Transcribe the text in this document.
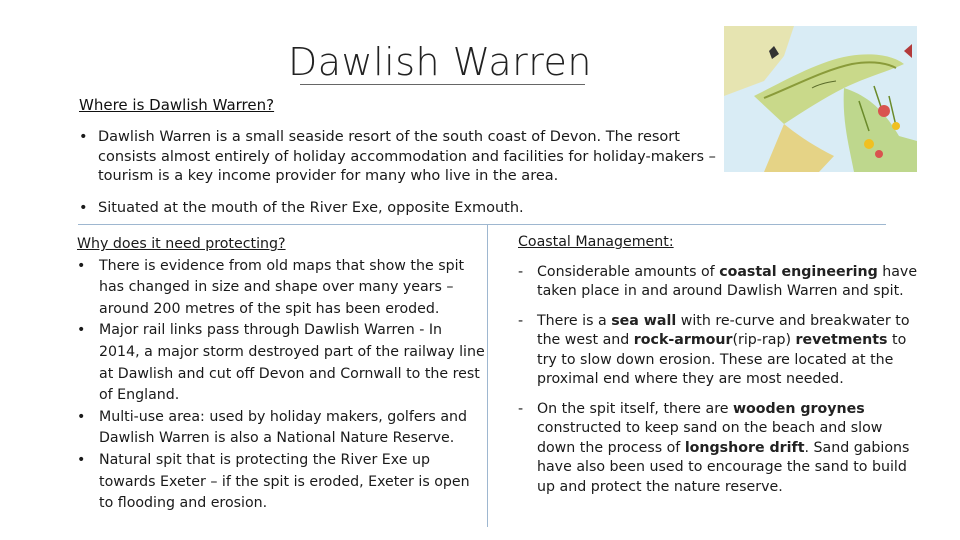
Dawlish Warren
Where is Dawlish Warren?
• Dawlish Warren is a small seaside resort of the south coast of Devon. The resort consists almost entirely of holiday accommodation and facilities for holiday-makers – tourism is a key income provider for many who live in the area.
• Situated at the mouth of the River Exe, opposite Exmouth.
Why does it need protecting?
• There is evidence from old maps that show the spit has changed in size and shape over many years – around 200 metres of the spit has been eroded.
• Major rail links pass through Dawlish Warren - In 2014, a major storm destroyed part of the railway line at Dawlish and cut off Devon and Cornwall to the rest of England.
• Multi-use area: used by holiday makers, golfers and Dawlish Warren is also a National Nature Reserve.
• Natural spit that is protecting the River Exe up towards Exeter – if the spit is eroded, Exeter is open to flooding and erosion.
Coastal Management:
- Considerable amounts of coastal engineering have taken place in and around Dawlish Warren and spit.
- There is a sea wall with re-curve and breakwater to the west and rock-armour(rip-rap) revetments to try to slow down erosion. These are located at the proximal end where they are most needed.
- On the spit itself, there are wooden groynes constructed to keep sand on the beach and slow down the process of longshore drift. Sand gabions have also been used to encourage the sand to build up and protect the nature reserve.
